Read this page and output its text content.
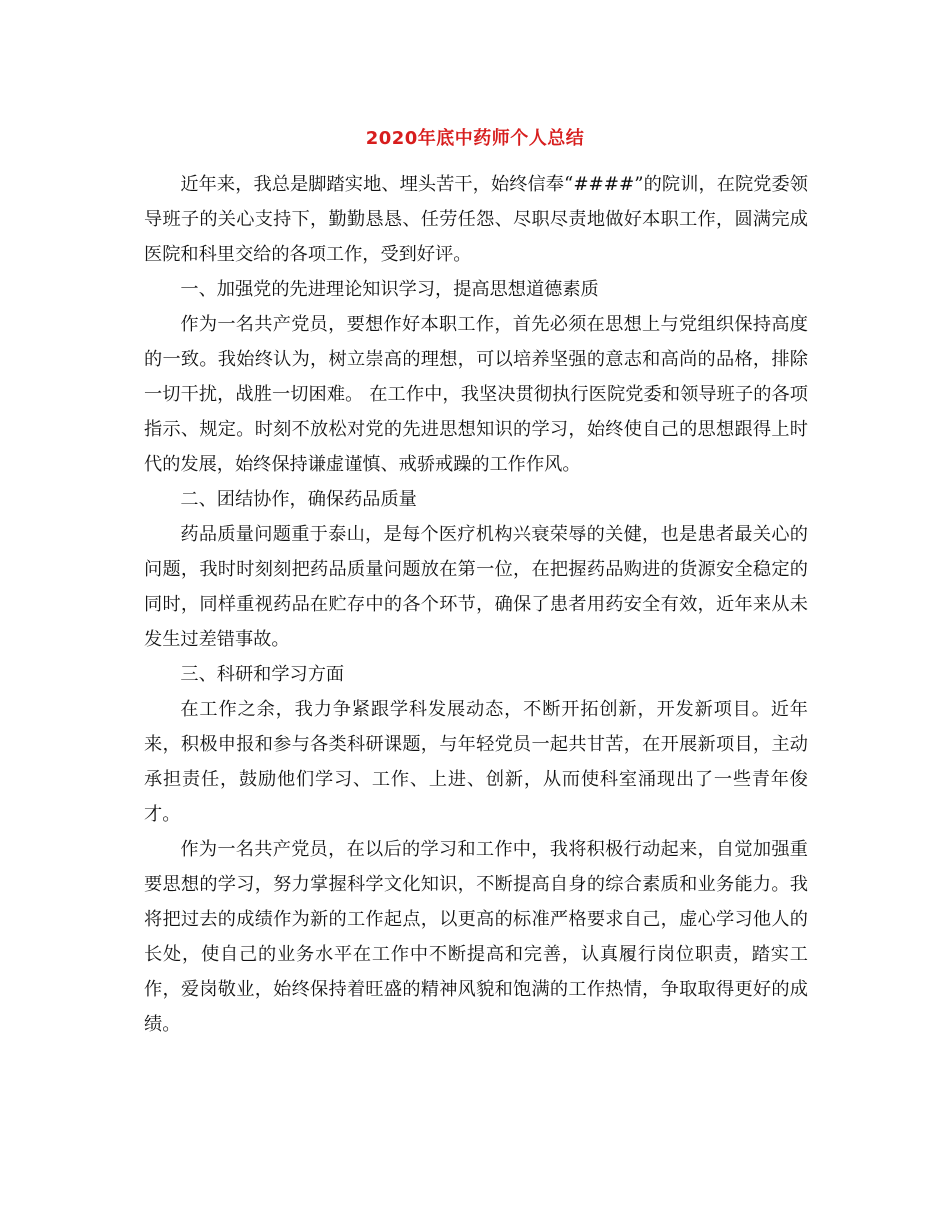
2020年底中药师个人总结

近年来，我总是脚踏实地、埋头苦干，始终信奉“####”的院训，在院党委领导班子的关心支持下，勤勤恳恳、任劳任怨、尽职尽责地做好本职工作，圆满完成医院和科里交给的各项工作，受到好评。

一、加强党的先进理论知识学习，提高思想道德素质

作为一名共产党员，要想作好本职工作，首先必须在思想上与党组织保持高度的一致。我始终认为，树立崇高的理想，可以培养坚强的意志和高尚的品格，排除一切干扰，战胜一切困难。 在工作中，我坚决贯彻执行医院党委和领导班子的各项指示、规定。时刻不放松对党的先进思想知识的学习，始终使自己的思想跟得上时代的发展，始终保持谦虚谨慎、戒骄戒躁的工作作风。

二、团结协作，确保药品质量

药品质量问题重于泰山，是每个医疗机构兴衰荣辱的关健，也是患者最关心的问题，我时时刻刻把药品质量问题放在第一位，在把握药品购进的货源安全稳定的同时，同样重视药品在贮存中的各个环节，确保了患者用药安全有效，近年来从未发生过差错事故。

三、科研和学习方面

在工作之余，我力争紧跟学科发展动态，不断开拓创新，开发新项目。近年来，积极申报和参与各类科研课题，与年轻党员一起共甘苦，在开展新项目，主动承担责任，鼓励他们学习、工作、上进、创新，从而使科室涌现出了一些青年俊才。

作为一名共产党员，在以后的学习和工作中，我将积极行动起来，自觉加强重要思想的学习，努力掌握科学文化知识，不断提高自身的综合素质和业务能力。我将把过去的成绩作为新的工作起点，以更高的标准严格要求自己，虚心学习他人的长处，使自己的业务水平在工作中不断提高和完善，认真履行岗位职责，踏实工作，爱岗敬业，始终保持着旺盛的精神风貌和饱满的工作热情，争取取得更好的成绩。
